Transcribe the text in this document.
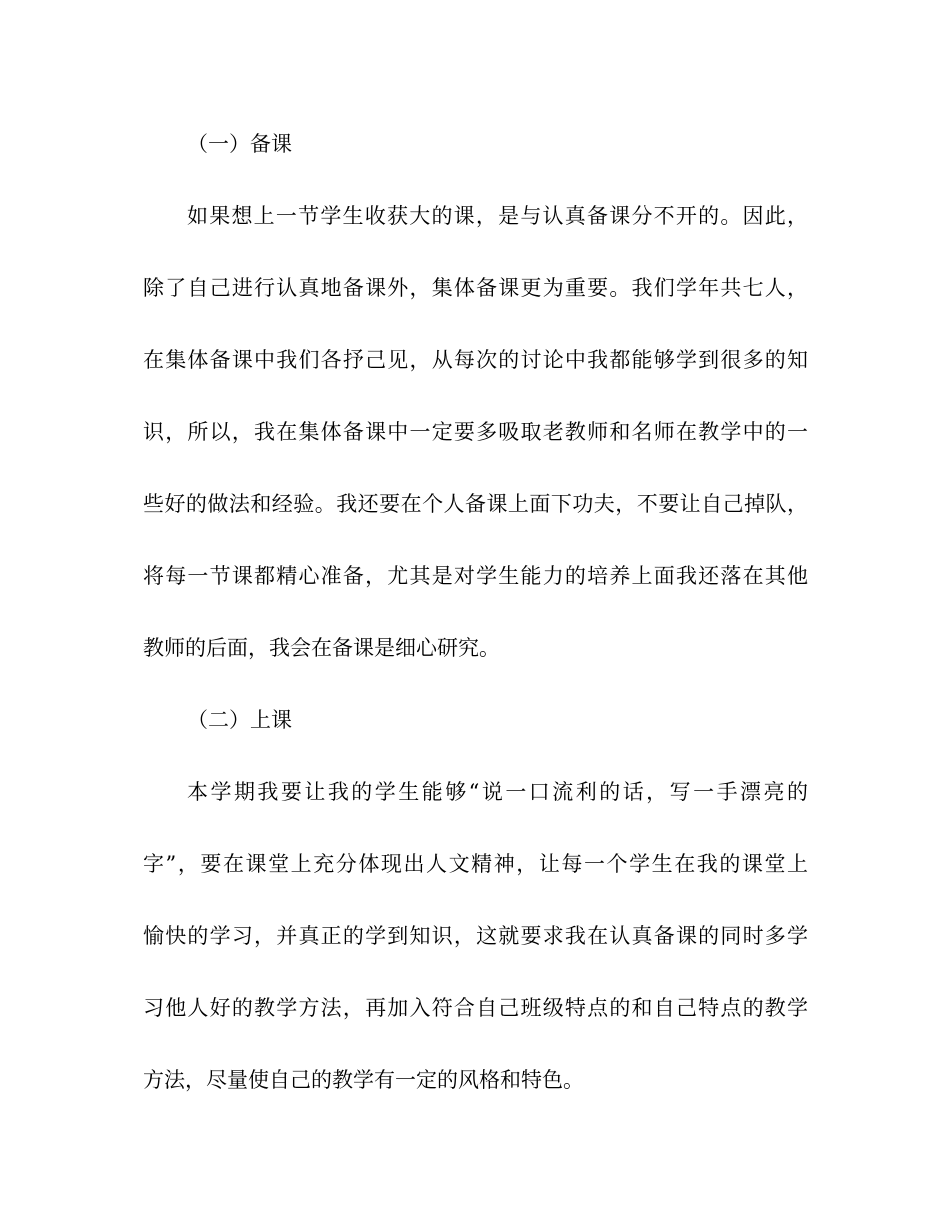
（一）备课
如果想上一节学生收获大的课，是与认真备课分不开的。因此，
除了自己进行认真地备课外，集体备课更为重要。我们学年共七人，
在集体备课中我们各抒己见，从每次的讨论中我都能够学到很多的知
识，所以，我在集体备课中一定要多吸取老教师和名师在教学中的一
些好的做法和经验。我还要在个人备课上面下功夫，不要让自己掉队，
将每一节课都精心准备，尤其是对学生能力的培养上面我还落在其他
教师的后面，我会在备课是细心研究。
（二）上课
本学期我要让我的学生能够“说一口流利的话，写一手漂亮的
字”，要在课堂上充分体现出人文精神，让每一个学生在我的课堂上
愉快的学习，并真正的学到知识，这就要求我在认真备课的同时多学
习他人好的教学方法，再加入符合自己班级特点的和自己特点的教学
方法，尽量使自己的教学有一定的风格和特色。
